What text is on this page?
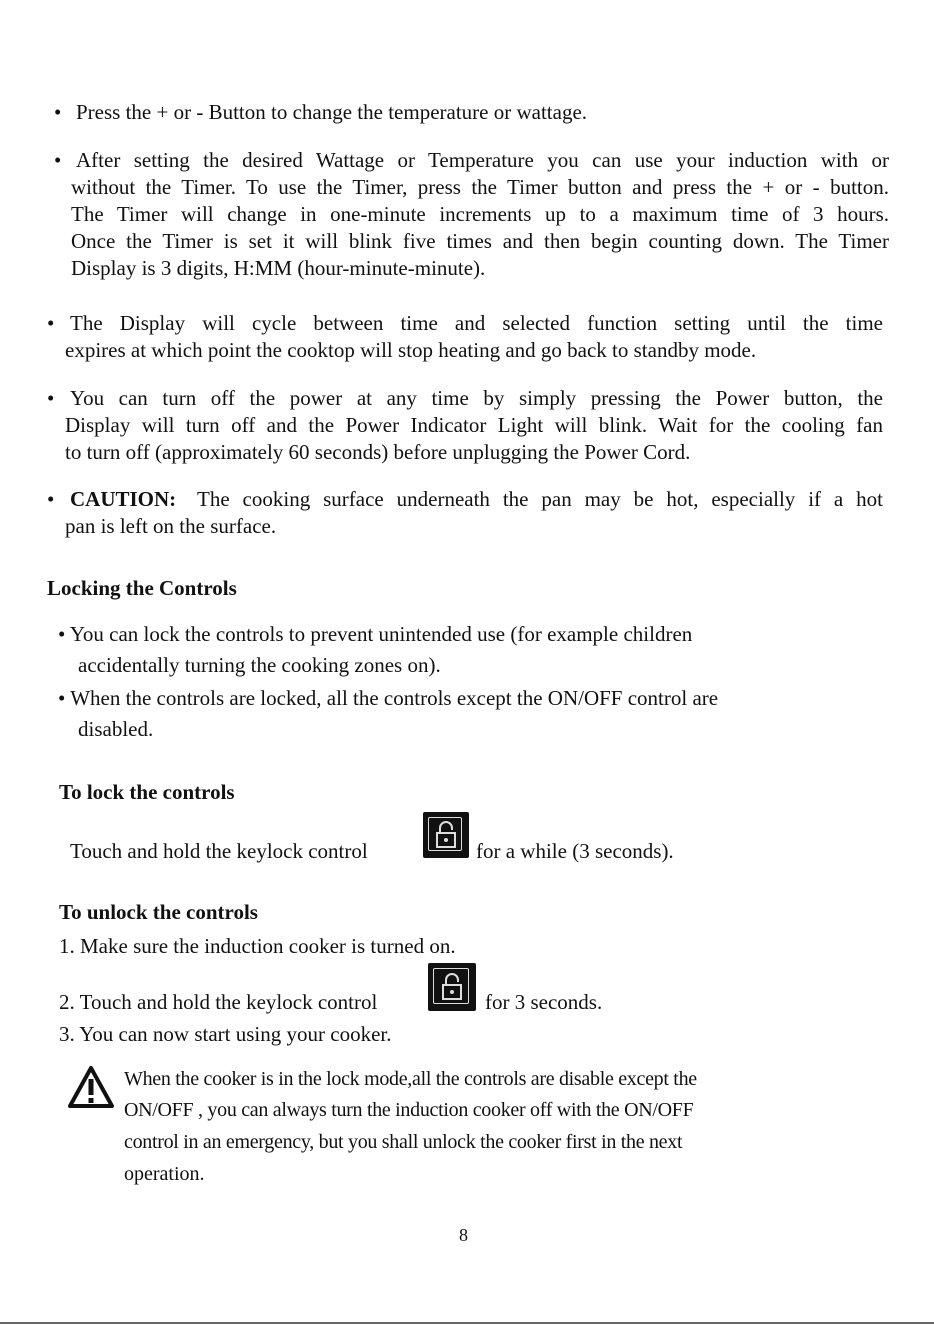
• Press the + or - Button to change the temperature or wattage.
• After setting the desired Wattage or Temperature you can use your induction with or
without the Timer. To use the Timer, press the Timer button and press the + or - button.
The Timer will change in one-minute increments up to a maximum time of 3 hours.
Once the Timer is set it will blink five times and then begin counting down. The Timer
Display is 3 digits, H:MM (hour-minute-minute).
• The Display will cycle between time and selected function setting until the time
expires at which point the cooktop will stop heating and go back to standby mode.
• You can turn off the power at any time by simply pressing the Power button, the
Display will turn off and the Power Indicator Light will blink. Wait for the cooling fan
to turn off (approximately 60 seconds) before unplugging the Power Cord.
• CAUTION: The cooking surface underneath the pan may be hot, especially if a hot
pan is left on the surface.
Locking the Controls
• You can lock the controls to prevent unintended use (for example children
accidentally turning the cooking zones on).
• When the controls are locked, all the controls except the ON/OFF control are
disabled.
To lock the controls
Touch and hold the keylock control	for a while (3 seconds).
To unlock the controls
1. Make sure the induction cooker is turned on.
2. Touch and hold the keylock control	for 3 seconds.
3. You can now start using your cooker.
When the cooker is in the lock mode,all the controls are disable except the
ON/OFF , you can always turn the induction cooker off with the ON/OFF
control in an emergency, but you shall unlock the cooker first in the next
operation.
8
